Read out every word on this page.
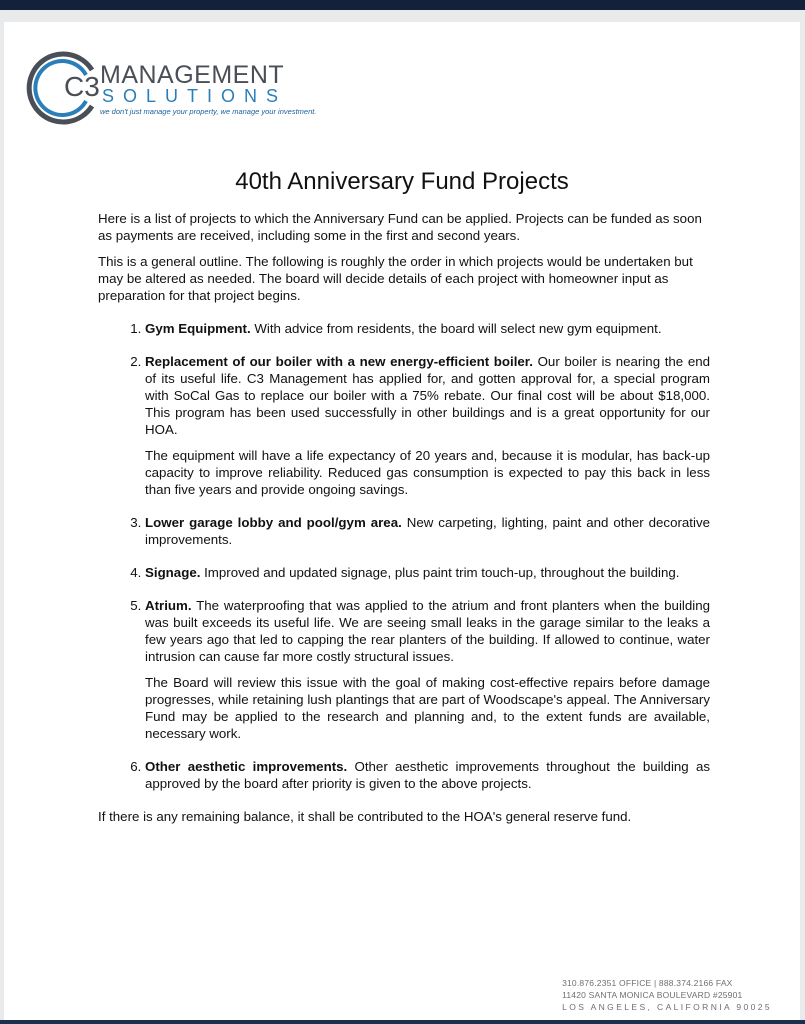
C3 MANAGEMENT
SOLUTIONS
we don't just manage your property, we manage your investment.
40th Anniversary Fund Projects

Here is a list of projects to which the Anniversary Fund can be applied. Projects can be funded as soon as payments are received, including some in the first and second years.

This is a general outline. The following is roughly the order in which projects would be undertaken but may be altered as needed. The board will decide details of each project with homeowner input as preparation for that project begins.

1. Gym Equipment. With advice from residents, the board will select new gym equipment.

2. Replacement of our boiler with a new energy-efficient boiler. Our boiler is nearing the end of its useful life. C3 Management has applied for, and gotten approval for, a special program with SoCal Gas to replace our boiler with a 75% rebate. Our final cost will be about $18,000. This program has been used successfully in other buildings and is a great opportunity for our HOA.

The equipment will have a life expectancy of 20 years and, because it is modular, has back-up capacity to improve reliability. Reduced gas consumption is expected to pay this back in less than five years and provide ongoing savings.

3. Lower garage lobby and pool/gym area. New carpeting, lighting, paint and other decorative improvements.

4. Signage. Improved and updated signage, plus paint trim touch-up, throughout the building.

5. Atrium. The waterproofing that was applied to the atrium and front planters when the building was built exceeds its useful life. We are seeing small leaks in the garage similar to the leaks a few years ago that led to capping the rear planters of the building. If allowed to continue, water intrusion can cause far more costly structural issues.

The Board will review this issue with the goal of making cost-effective repairs before damage progresses, while retaining lush plantings that are part of Woodscape's appeal. The Anniversary Fund may be applied to the research and planning and, to the extent funds are available, necessary work.

6. Other aesthetic improvements. Other aesthetic improvements throughout the building as approved by the board after priority is given to the above projects.

If there is any remaining balance, it shall be contributed to the HOA's general reserve fund.

310.876.2351 OFFICE | 888.374.2166 FAX
11420 SANTA MONICA BOULEVARD #25901
LOS ANGELES, CALIFORNIA 90025
